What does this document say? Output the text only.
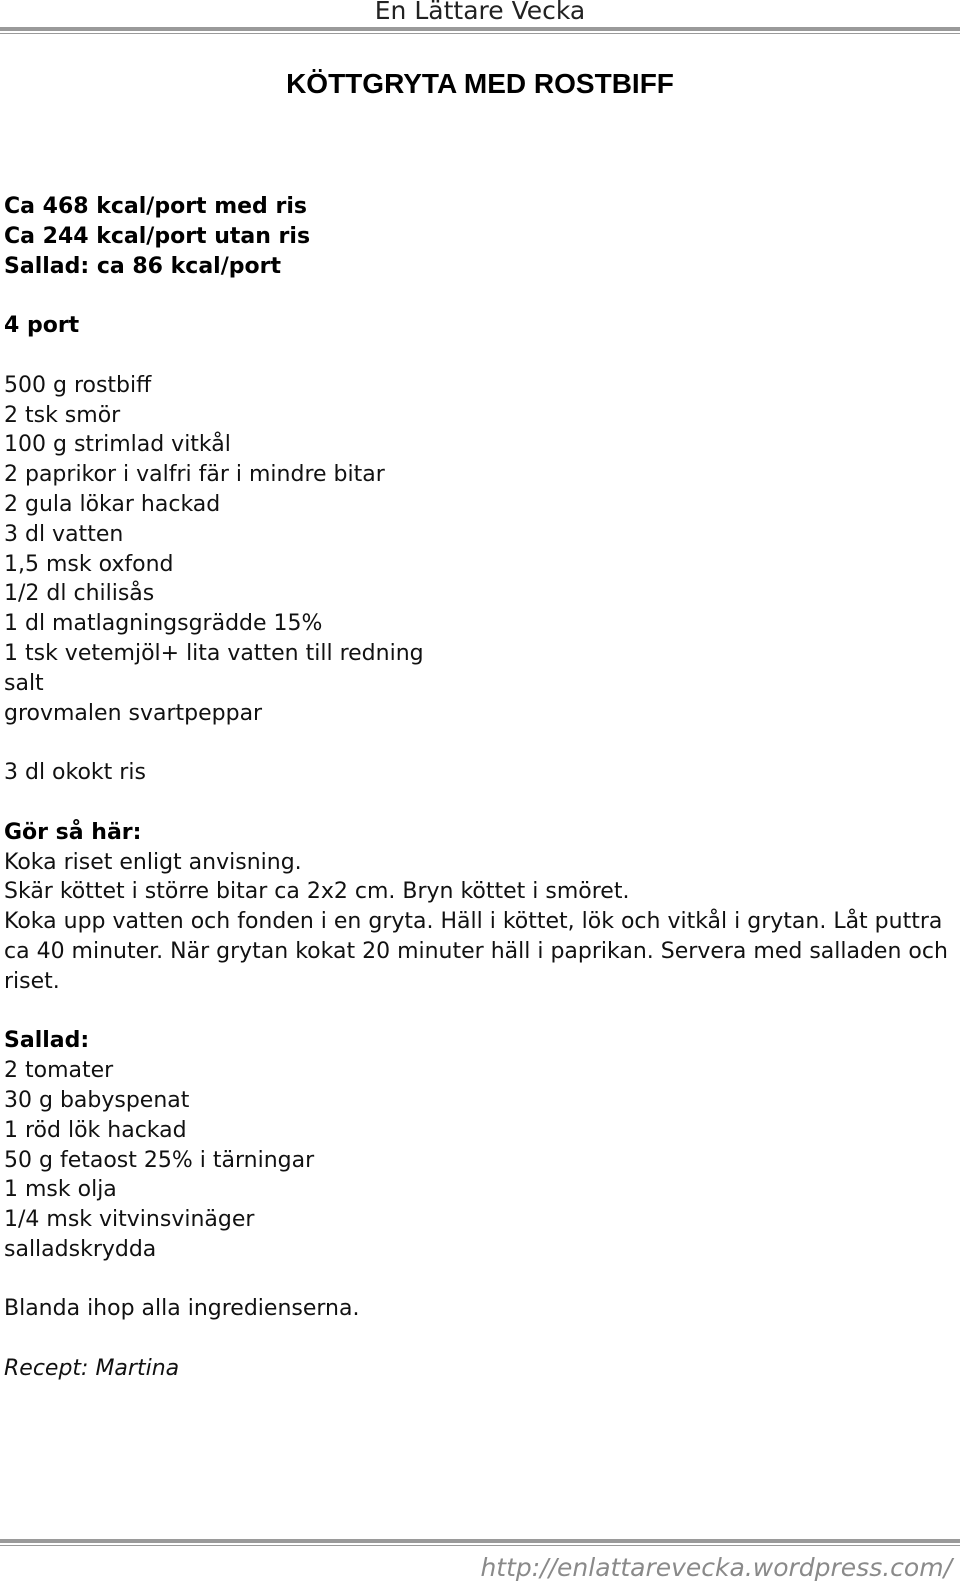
En Lättare Vecka
KÖTTGRYTA MED ROSTBIFF
Ca 468 kcal/port med ris
Ca 244 kcal/port utan ris
Sallad: ca 86 kcal/port
4 port
500 g rostbiff
2 tsk smör
100 g strimlad vitkål
2 paprikor i valfri fär i mindre bitar
2 gula lökar hackad
3 dl vatten
1,5 msk oxfond
1/2 dl chilisås
1 dl matlagningsgrädde 15%
1 tsk vetemjöl+ lita vatten till redning
salt
grovmalen svartpeppar
3 dl okokt ris
Gör så här:
Koka riset enligt anvisning.
Skär köttet i större bitar ca 2x2 cm. Bryn köttet i smöret.
Koka upp vatten och fonden i en gryta. Häll i köttet, lök och vitkål i grytan. Låt puttra ca 40 minuter. När grytan kokat 20 minuter häll i paprikan. Servera med salladen och riset.
Sallad:
2 tomater
30 g babyspenat
1 röd lök hackad
50 g fetaost 25% i tärningar
1 msk olja
1/4 msk vitvinsvinäger
salladskrydda
Blanda ihop alla ingredienserna.
Recept: Martina
http://enlattarevecka.wordpress.com/
